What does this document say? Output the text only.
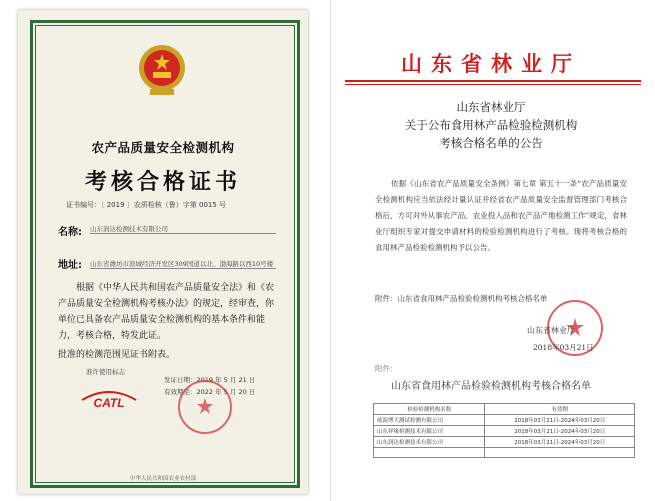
农产品质量安全检测机构
考核合格证书
证书编号：〔 2019 〕农质检核（鲁）字第 0015 号
名称: 山东润达检测技术有限公司
地址: 山东省潍坊市滨城经济开发区309国道以北、渤海路以西10号楼
根据《中华人民共和国农产品质量安全法》和《农产品质量安全检测机构考核办法》的规定，经审查，你单位已具备农产品质量安全检测机构的基本条件和能力，考核合格，特发此证。
批准的检测范围见证书附表。
准许使用标志
CATL
发证日期：2019 年 5 月 21 日
有效期至：2022 年 5 月 20 日
中华人民共和国农业农村部
山东省林业厅
山东省林业厅
关于公布食用林产品检验检测机构
考核合格名单的公告
依据《山东省农产品质量安全条例》第七章 第五十一条“农产品质量安全检测机构应当依法经计量认证并经省农产品质量安全监督管理部门考核合格后，方可对外从事农产品、农业投入品和农产品产地检测工作”规定，省林业厅组织专家对提交申请材料的检验检测机构进行了考核。现将考核合格的食用林产品检验检测机构予以公告。
附件：山东省食用林产品检验检测机构考核合格名单
山东省林业厅
2018年03月21日
附件：
山东省食用林产品检验检测机构考核合格名单
检验检测机构名称	有效期
威海博大测试检测有限公司	2018年03月21日-2024年03月20日
山东祥缘检测技术有限公司	2018年03月21日-2024年03月20日
山东润达检测技术有限公司	2018年03月21日-2024年03月20日
